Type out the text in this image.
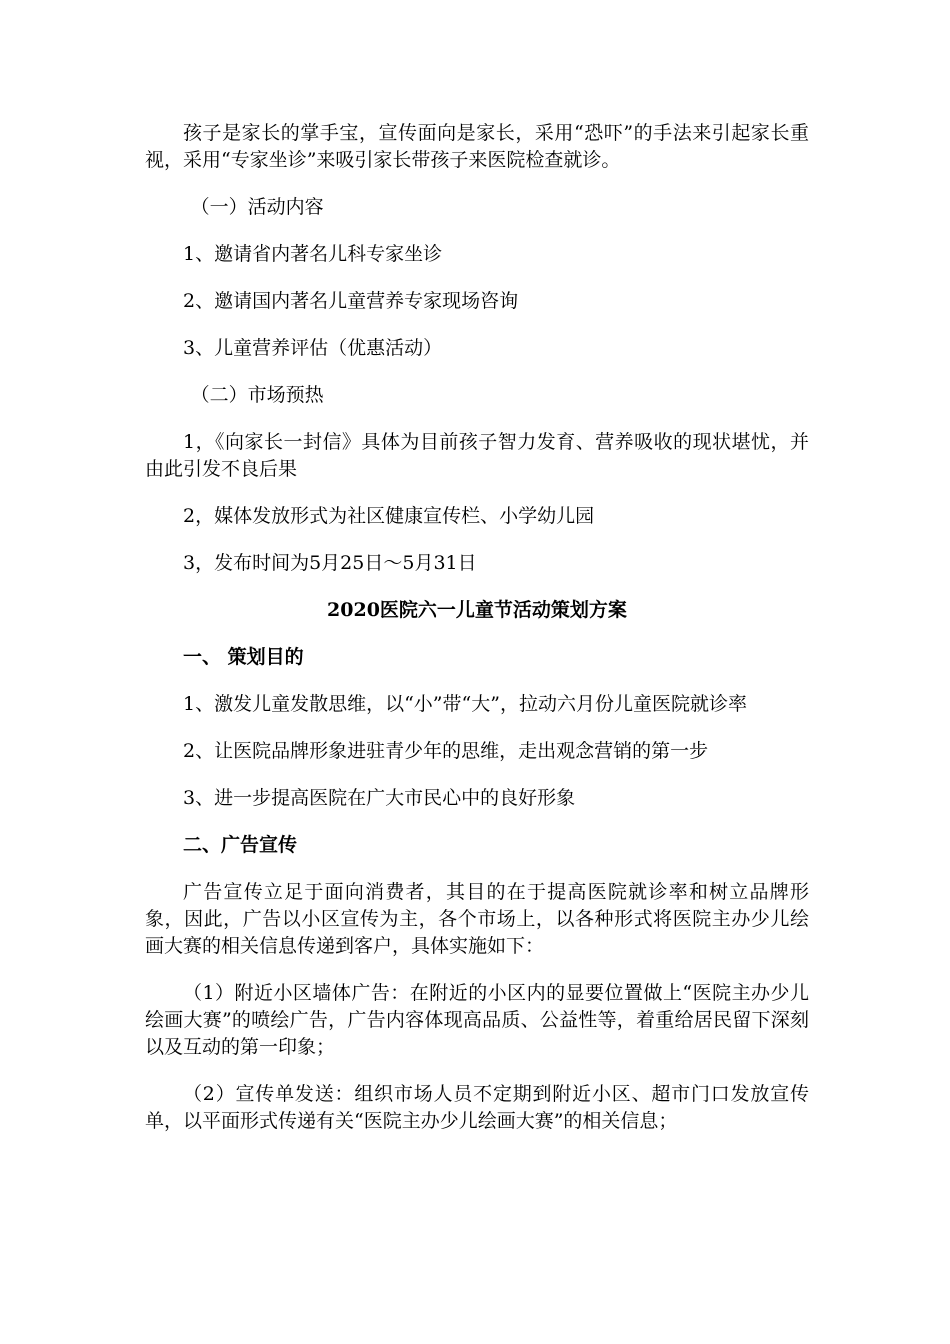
孩子是家长的掌手宝，宣传面向是家长，采用“恐吓”的手法来引起家长重视，采用“专家坐诊”来吸引家长带孩子来医院检查就诊。

（一）活动内容

1、邀请省内著名儿科专家坐诊

2、邀请国内著名儿童营养专家现场咨询

3、儿童营养评估（优惠活动）

（二）市场预热

1，《向家长一封信》具体为目前孩子智力发育、营养吸收的现状堪忧，并由此引发不良后果

2，媒体发放形式为社区健康宣传栏、小学幼儿园

3，发布时间为5月25日～5月31日

2020医院六一儿童节活动策划方案
一、 策划目的

1、激发儿童发散思维，以“小”带“大”，拉动六月份儿童医院就诊率

2、让医院品牌形象进驻青少年的思维，走出观念营销的第一步

3、进一步提高医院在广大市民心中的良好形象

二、广告宣传

广告宣传立足于面向消费者，其目的在于提高医院就诊率和树立品牌形象，因此，广告以小区宣传为主，各个市场上，以各种形式将医院主办少儿绘画大赛的相关信息传递到客户，具体实施如下：

（1）附近小区墙体广告：在附近的小区内的显要位置做上“医院主办少儿绘画大赛”的喷绘广告，广告内容体现高品质、公益性等，着重给居民留下深刻以及互动的第一印象；

（2）宣传单发送：组织市场人员不定期到附近小区、超市门口发放宣传单，以平面形式传递有关“医院主办少儿绘画大赛”的相关信息；
